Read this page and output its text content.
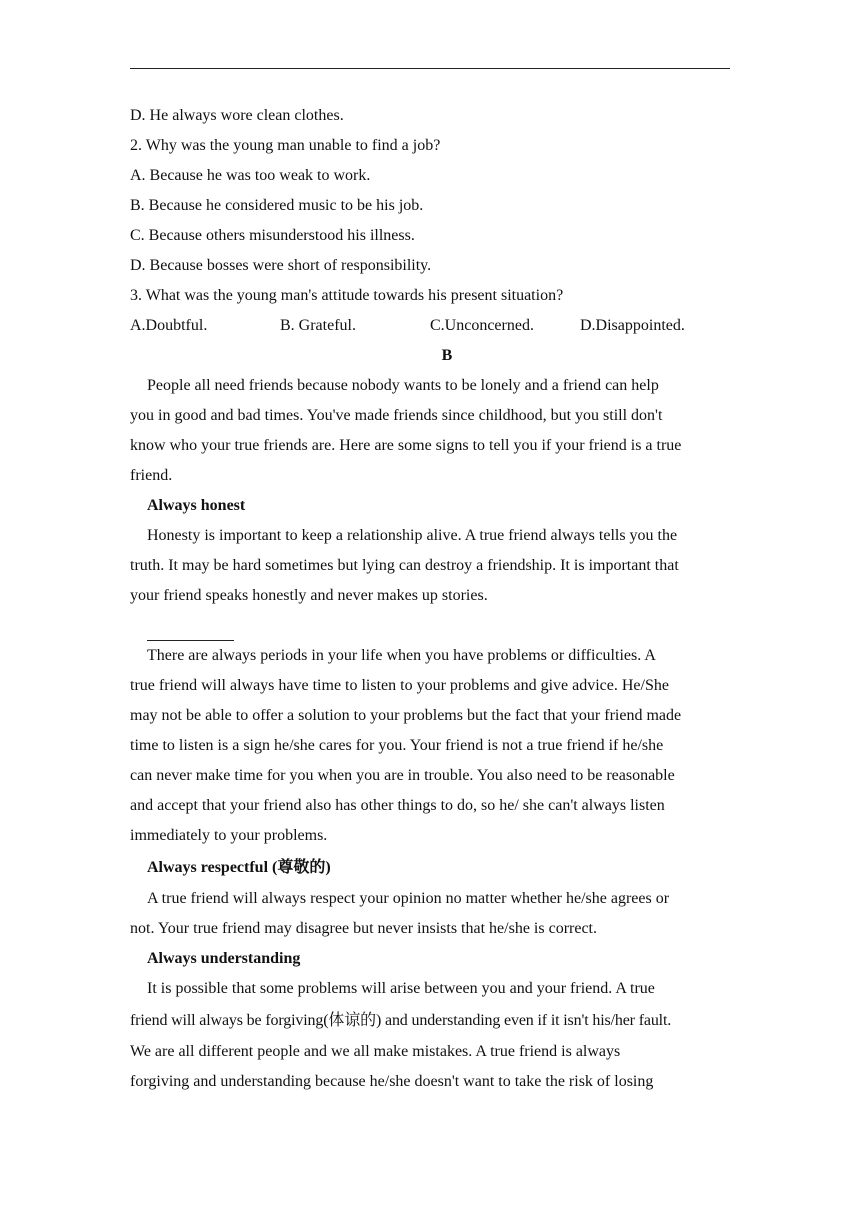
D. He always wore clean clothes.
2. Why was the young man unable to find a job?
A. Because he was too weak to work.
B. Because he considered music to be his job.
C. Because others misunderstood his illness.
D. Because bosses were short of responsibility.
3. What was the young man's attitude towards his present situation?
A.Doubtful.	B. Grateful.	C.Unconcerned.	D.Disappointed.
B
People all need friends because nobody wants to be lonely and a friend can help
you in good and bad times. You've made friends since childhood, but you still don't
know who your true friends are. Here are some signs to tell you if your friend is a true
friend.
Always honest
Honesty is important to keep a relationship alive. A true friend always tells you the
truth. It may be hard sometimes but lying can destroy a friendship. It is important that
your friend speaks honestly and never makes up stories.
There are always periods in your life when you have problems or difficulties. A
true friend will always have time to listen to your problems and give advice. He/She
may not be able to offer a solution to your problems but the fact that your friend made
time to listen is a sign he/she cares for you. Your friend is not a true friend if he/she
can never make time for you when you are in trouble. You also need to be reasonable
and accept that your friend also has other things to do, so he/ she can't always listen
immediately to your problems.
Always respectful (尊敬的)
A true friend will always respect your opinion no matter whether he/she agrees or
not. Your true friend may disagree but never insists that he/she is correct.
Always understanding
It is possible that some problems will arise between you and your friend. A true
friend will always be forgiving(体谅的) and understanding even if it isn't his/her fault.
We are all different people and we all make mistakes. A true friend is always
forgiving and understanding because he/she doesn't want to take the risk of losing
